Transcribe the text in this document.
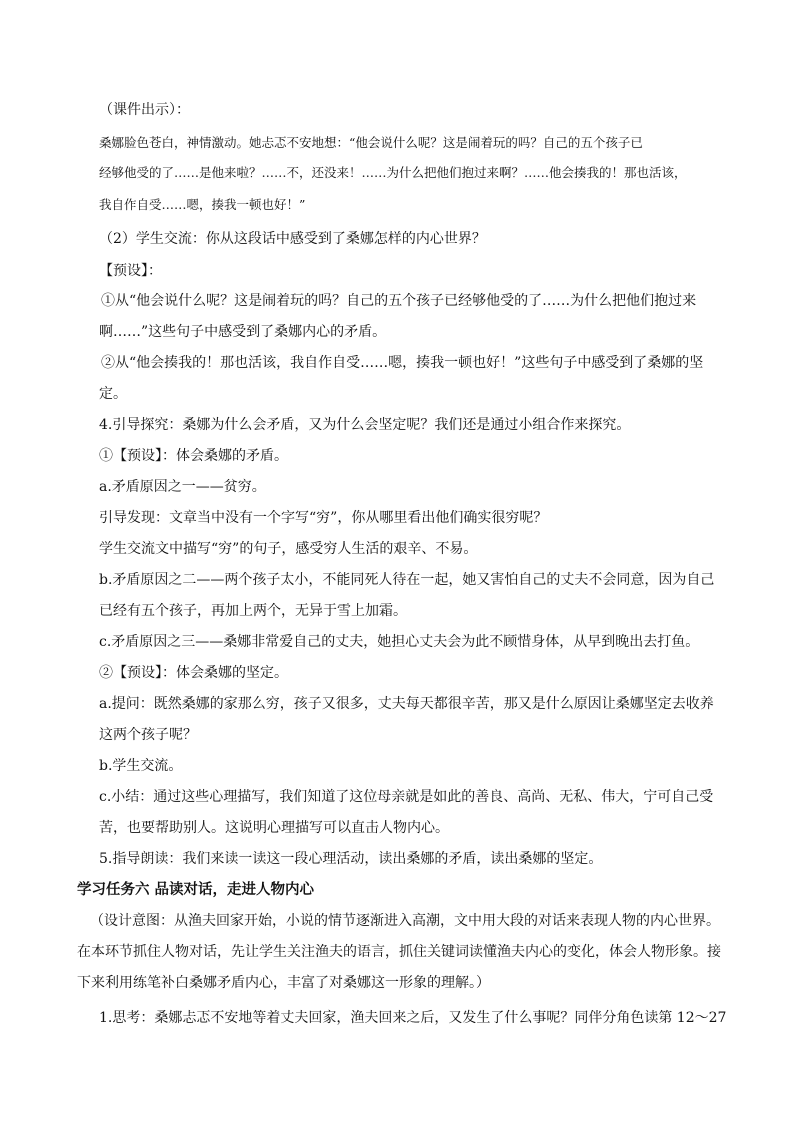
（课件出示）：
桑娜脸色苍白，神情激动。她忐忑不安地想：“他会说什么呢？这是闹着玩的吗？自己的五个孩子已
经够他受的了……是他来啦？……不，还没来！……为什么把他们抱过来啊？……他会揍我的！那也活该，
我自作自受……嗯，揍我一顿也好！”
（2）学生交流：你从这段话中感受到了桑娜怎样的内心世界？
【预设】：
①从“他会说什么呢？这是闹着玩的吗？自己的五个孩子已经够他受的了……为什么把他们抱过来
啊……”这些句子中感受到了桑娜内心的矛盾。
②从“他会揍我的！那也活该，我自作自受……嗯，揍我一顿也好！”这些句子中感受到了桑娜的坚
定。
4.引导探究：桑娜为什么会矛盾，又为什么会坚定呢？我们还是通过小组合作来探究。
①【预设】：体会桑娜的矛盾。
a.矛盾原因之一——贫穷。
引导发现：文章当中没有一个字写“穷”，你从哪里看出他们确实很穷呢？
学生交流文中描写“穷”的句子，感受穷人生活的艰辛、不易。
b.矛盾原因之二——两个孩子太小，不能同死人待在一起，她又害怕自己的丈夫不会同意，因为自己
已经有五个孩子，再加上两个，无异于雪上加霜。
c.矛盾原因之三——桑娜非常爱自己的丈夫，她担心丈夫会为此不顾惜身体，从早到晚出去打鱼。
②【预设】：体会桑娜的坚定。
a.提问：既然桑娜的家那么穷，孩子又很多，丈夫每天都很辛苦，那又是什么原因让桑娜坚定去收养
这两个孩子呢？
b.学生交流。
c.小结：通过这些心理描写，我们知道了这位母亲就是如此的善良、高尚、无私、伟大，宁可自己受
苦，也要帮助别人。这说明心理描写可以直击人物内心。
5.指导朗读：我们来读一读这一段心理活动，读出桑娜的矛盾，读出桑娜的坚定。
学习任务六 品读对话，走进人物内心
（设计意图：从渔夫回家开始，小说的情节逐渐进入高潮，文中用大段的对话来表现人物的内心世界。
在本环节抓住人物对话，先让学生关注渔夫的语言，抓住关键词读懂渔夫内心的变化，体会人物形象。接
下来利用练笔补白桑娜矛盾内心，丰富了对桑娜这一形象的理解。）
1.思考：桑娜忐忑不安地等着丈夫回家，渔夫回来之后，又发生了什么事呢？同伴分角色读第 12～27
